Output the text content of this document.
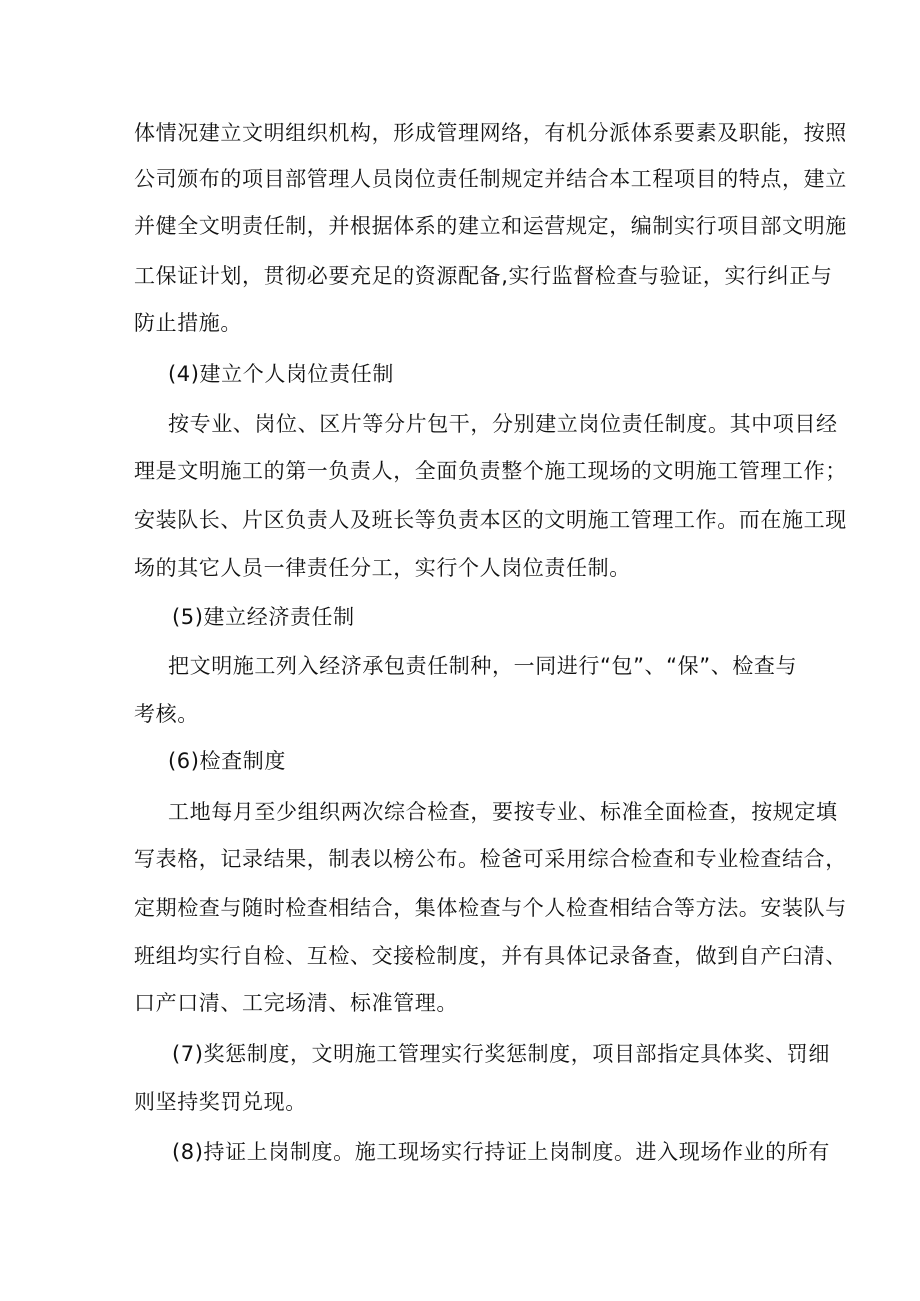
体情况建立文明组织机构，形成管理网络，有机分派体系要素及职能，按照
公司颁布的项目部管理人员岗位责任制规定并结合本工程项目的特点，建立
并健全文明责任制，并根据体系的建立和运营规定，编制实行项目部文明施
工保证计划，贯彻必要充足的资源配备,实行监督检查与验证，实行纠正与
防止措施。
(4)建立个人岗位责任制
按专业、岗位、区片等分片包干，分别建立岗位责任制度。其中项目经
理是文明施工的第一负责人，全面负责整个施工现场的文明施工管理工作；
安装队长、片区负责人及班长等负责本区的文明施工管理工作。而在施工现
场的其它人员一律责任分工，实行个人岗位责任制。
(5)建立经济责任制
把文明施工列入经济承包责任制种，一同进行“包”、“保”、检查与
考核。
(6)检査制度
工地每月至少组织两次综合检查，要按专业、标准全面检查，按规定填
写表格，记录结果，制表以榜公布。检爸可采用综合检查和专业检查结合，
定期检查与随时检查相结合，集体检查与个人检查相结合等方法。安装队与
班组均实行自检、互检、交接检制度，并有具体记录备查，做到自产臼清、
口产口清、工完场清、标准管理。
(7)奖惩制度，文明施工管理实行奖惩制度，项目部指定具体奖、罚细
则坚持奖罚兑现。
(8)持证上岗制度。施工现场实行持证上岗制度。进入现场作业的所有
